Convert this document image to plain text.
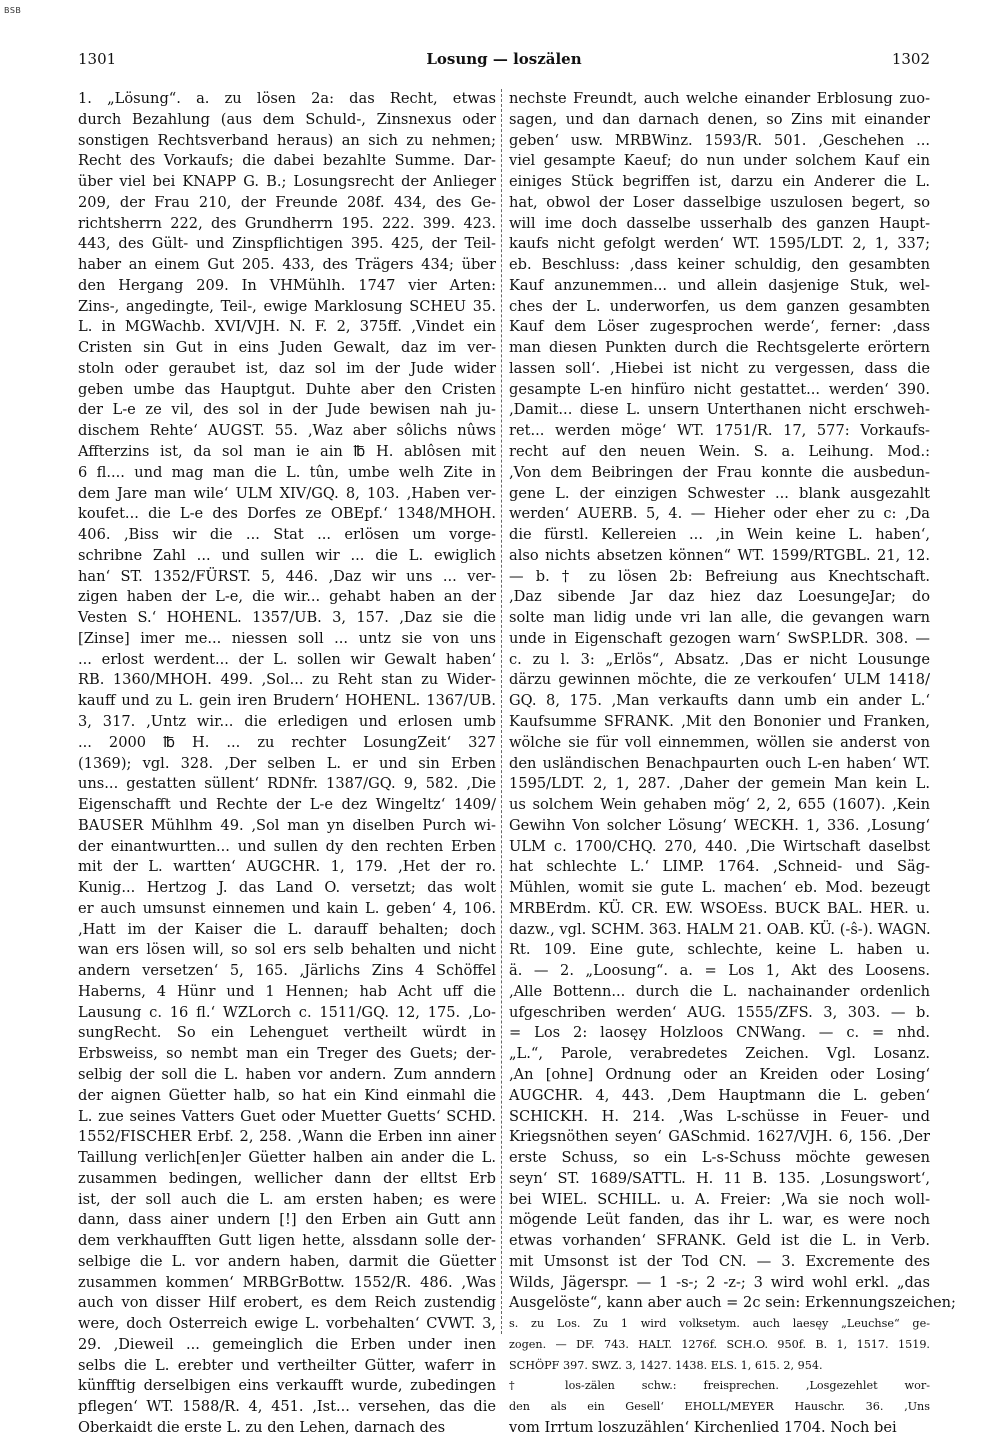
BSB
1301	Losung — loszälen	1302
1. „Lösung“. a. zu lösen 2a: das Recht, etwas
durch Bezahlung (aus dem Schuld-, Zinsnexus oder
sonstigen Rechtsverband heraus) an sich zu nehmen;
Recht des Vorkaufs; die dabei bezahlte Summe. Dar-
über viel bei KNAPP G. B.; Losungsrecht der Anlieger
209, der Frau 210, der Freunde 208f. 434, des Ge-
richtsherrn 222, des Grundherrn 195. 222. 399. 423.
443, des Gült- und Zinspflichtigen 395. 425, der Teil-
haber an einem Gut 205. 433, des Trägers 434; über
den Hergang 209. In VHMühlh. 1747 vier Arten:
Zins-, angedingte, Teil-, ewige Marklosung SCHEU 35.
L. in MGWachb. XVI/VJH. N. F. 2, 375ff. ‚Vindet ein
Cristen sin Gut in eins Juden Gewalt, daz im ver-
stoln oder geraubet ist, daz sol im der Jude wider
geben umbe das Hauptgut. Duhte aber den Cristen
der L-e ze vil, des sol in der Jude bewisen nah ju-
dischem Rehte‘ AUGST. 55. ‚Waz aber sôlichs nûws
Affterzins ist, da sol man ie ain ℔ H. ablôsen mit
6 fl.... und mag man die L. tûn, umbe welh Zite in
dem Jare man wile‘ ULM XIV/GQ. 8, 103. ‚Haben ver-
koufet... die L-e des Dorfes ze OBEpf.‘ 1348/MHOH.
406. ‚Biss wir die ... Stat ... erlösen um vorge-
schribne Zahl ... und sullen wir ... die L. ewiglich
han‘ ST. 1352/FÜRST. 5, 446. ‚Daz wir uns ... ver-
zigen haben der L-e, die wir... gehabt haben an der
Vesten S.‘ HOHENL. 1357/UB. 3, 157. ‚Daz sie die
[Zinse] imer me... niessen soll ... untz sie von uns
... erlost werdent... der L. sollen wir Gewalt haben‘
RB. 1360/MHOH. 499. ‚Sol... zu Reht stan zu Wider-
kauff und zu L. gein iren Brudern‘ HOHENL. 1367/UB.
3, 317. ‚Untz wir... die erledigen und erlosen umb
... 2000 ℔ H. ... zu rechter LosungZeit‘ 327
(1369); vgl. 328. ‚Der selben L. er und sin Erben
uns... gestatten süllent‘ RDNfr. 1387/GQ. 9, 582. ‚Die
Eigenschafft und Rechte der L-e dez Wingeltz‘ 1409/
BAUSER Mühlhm 49. ‚Sol man yn diselben Purch wi-
der einantwurtten... und sullen dy den rechten Erben
mit der L. wartten‘ AUGCHR. 1, 179. ‚Het der ro.
Kunig... Hertzog J. das Land O. versetzt; das wolt
er auch umsunst einnemen und kain L. geben‘ 4, 106.
‚Hatt im der Kaiser die L. darauff behalten; doch
wan ers lösen will, so sol ers selb behalten und nicht
andern versetzen‘ 5, 165. ‚Järlichs Zins 4 Schöffel
Haberns, 4 Hünr und 1 Hennen; hab Acht uff die
Lausung c. 16 fl.‘ WZLorch c. 1511/GQ. 12, 175. ‚Lo-
sungRecht. So ein Lehenguet vertheilt würdt in
Erbsweiss, so nembt man ein Treger des Guets; der-
selbig der soll die L. haben vor andern. Zum anndern
der aignen Güetter halb, so hat ein Kind einmahl die
L. zue seines Vatters Guet oder Muetter Guetts‘ SCHD.
1552/FISCHER Erbf. 2, 258. ‚Wann die Erben inn ainer
Taillung verlich[en]er Güetter halben ain ander die L.
zusammen bedingen, wellicher dann der elltst Erb
ist, der soll auch die L. am ersten haben; es were
dann, dass ainer undern [!] den Erben ain Gutt ann
dem verkhaufften Gutt ligen hette, alssdann solle der-
selbige die L. vor andern haben, darmit die Güetter
zusammen kommen‘ MRBGrBottw. 1552/R. 486. ‚Was
auch von disser Hilf erobert, es dem Reich zustendig
were, doch Osterreich ewige L. vorbehalten‘ CVWT. 3,
29. ‚Dieweil ... gemeinglich die Erben under inen
selbs die L. erebter und vertheilter Gütter, waferr in
künfftig derselbigen eins verkaufft wurde, zubedingen
pflegen‘ WT. 1588/R. 4, 451. ‚Ist... versehen, das die
Oberkaidt die erste L. zu den Lehen, darnach des
nechste Freundt, auch welche einander Erblosung zuo-
sagen, und dan darnach denen, so Zins mit einander
geben‘ usw. MRBWinz. 1593/R. 501. ‚Geschehen ...
viel gesampte Kaeuf; do nun under solchem Kauf ein
einiges Stück begriffen ist, darzu ein Anderer die L.
hat, obwol der Loser dasselbige uszulosen begert, so
will ime doch dasselbe usserhalb des ganzen Haupt-
kaufs nicht gefolgt werden‘ WT. 1595/LDT. 2, 1, 337;
eb. Beschluss: ‚dass keiner schuldig, den gesambten
Kauf anzunemmen... und allein dasjenige Stuk, wel-
ches der L. underworfen, us dem ganzen gesambten
Kauf dem Löser zugesprochen werde‘, ferner: ‚dass
man diesen Punkten durch die Rechtsgelerte erörtern
lassen soll‘. ‚Hiebei ist nicht zu vergessen, dass die
gesampte L-en hinfüro nicht gestattet... werden‘ 390.
‚Damit... diese L. unsern Unterthanen nicht erschweh-
ret... werden möge‘ WT. 1751/R. 17, 577: Vorkaufs-
recht auf den neuen Wein. S. a. Leihung. Mod.:
‚Von dem Beibringen der Frau konnte die ausbedun-
gene L. der einzigen Schwester ... blank ausgezahlt
werden‘ AUERB. 5, 4. — Hieher oder eher zu c: ‚Da
die fürstl. Kellereien ... ‚in Wein keine L. haben‘,
also nichts absetzen können“ WT. 1599/RTGBL. 21, 12.
— b. † zu lösen 2b: Befreiung aus Knechtschaft.
‚Daz sibende Jar daz hiez daz LoesungeJar; do
solte man lidig unde vri lan alle, die gevangen warn
unde in Eigenschaft gezogen warn‘ SwSP.LDR. 308. —
c. zu l. 3: „Erlös“, Absatz. ‚Das er nicht Lousunge
därzu gewinnen möchte, die ze verkoufen‘ ULM 1418/
GQ. 8, 175. ‚Man verkaufts dann umb ein ander L.‘
Kaufsumme SFRANK. ‚Mit den Bononier und Franken,
wölche sie für voll einnemmen, wöllen sie anderst von
den usländischen Benachpaurten ouch L-en haben‘ WT.
1595/LDT. 2, 1, 287. ‚Daher der gemein Man kein L.
us solchem Wein gehaben mög‘ 2, 2, 655 (1607). ‚Kein
Gewihn Von solcher Lösung‘ WECKH. 1, 336. ‚Losung‘
ULM c. 1700/CHQ. 270, 440. ‚Die Wirtschaft daselbst
hat schlechte L.‘ LIMP. 1764. ‚Schneid- und Säg-
Mühlen, womit sie gute L. machen‘ eb. Mod. bezeugt
MRBErdm. KÜ. CR. EW. WSOEss. BUCK BAL. HER. u.
dazw., vgl. SCHM. 363. HALM 21. OAB. KÜ. (-ŝ-). WAGN.
Rt. 109. Eine gute, schlechte, keine L. haben u.
ä. — 2. „Loosung“. a. = Los 1, Akt des Loosens.
‚Alle Bottenn... durch die L. nachainander ordenlich
ufgeschriben werden‘ AUG. 1555/ZFS. 3, 303. — b.
= Los 2: laosęy Holzloos CNWang. — c. = nhd.
„L.“, Parole, verabredetes Zeichen. Vgl. Losanz.
‚An [ohne] Ordnung oder an Kreiden oder Losing‘
AUGCHR. 4, 443. ‚Dem Hauptmann die L. geben‘
SCHICKH. H. 214. ‚Was L-schüsse in Feuer- und
Kriegsnöthen seyen‘ GASchmid. 1627/VJH. 6, 156. ‚Der
erste Schuss, so ein L-s-Schuss möchte gewesen
seyn‘ ST. 1689/SATTL. H. 11 B. 135. ‚Losungswort‘,
bei WIEL. SCHILL. u. A. Freier: ‚Wa sie noch woll-
mögende Leüt fanden, das ihr L. war, es were noch
etwas vorhanden‘ SFRANK. Geld ist die L. in Verb.
mit Umsonst ist der Tod CN. — 3. Excremente des
Wilds, Jägerspr. — 1 -s-; 2 -z-; 3 wird wohl erkl. „das
Ausgelöste“, kann aber auch = 2c sein: Erkennungszeichen;
s. zu Los. Zu 1 wird volksetym. auch laesęy „Leuchse“ ge-
zogen. — DF. 743. HALT. 1276f. SCH.O. 950f. B. 1, 1517. 1519.
SCHÖPF 397. SWZ. 3, 1427. 1438. ELS. 1, 615. 2, 954.
† los-zälen schw.: freisprechen. ‚Losgezehlet wor-
den als ein Gesell‘ EHOLL/MEYER Hauschr. 36. ‚Uns
vom Irrtum loszuzählen‘ Kirchenlied 1704. Noch bei
